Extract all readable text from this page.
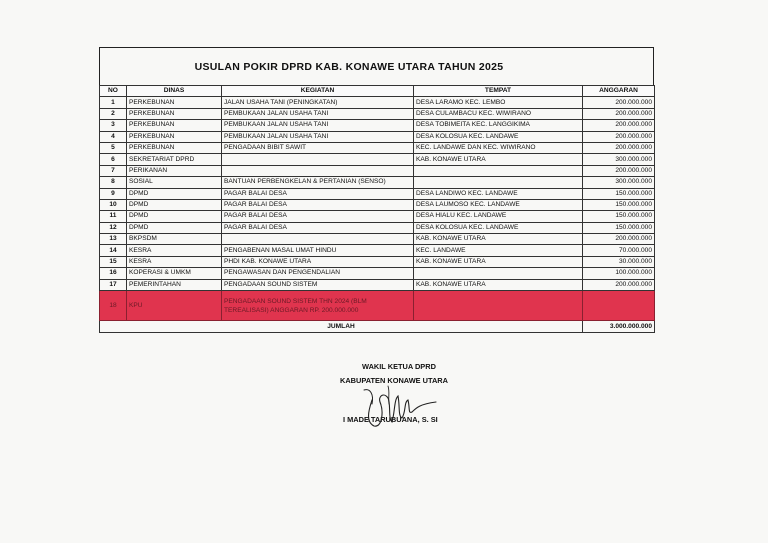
USULAN POKIR DPRD KAB. KONAWE UTARA TAHUN 2025
NO	DINAS	KEGIATAN	TEMPAT	ANGGARAN
1	PERKEBUNAN	JALAN USAHA TANI (PENINGKATAN)	DESA LARAMO KEC. LEMBO	200.000.000
2	PERKEBUNAN	PEMBUKAAN JALAN USAHA TANI	DESA CULAMBACU KEC. WIWIRANO	200.000.000
3	PERKEBUNAN	PEMBUKAAN JALAN USAHA TANI	DESA TOBIMEITA KEC. LANGGIKIMA	200.000.000
4	PERKEBUNAN	PEMBUKAAN JALAN USAHA TANI	DESA KOLOSUA KEC. LANDAWE	200.000.000
5	PERKEBUNAN	PENGADAAN BIBIT SAWIT	KEC. LANDAWE DAN KEC. WIWIRANO	200.000.000
6	SEKRETARIAT DPRD		KAB. KONAWE UTARA	300.000.000
7	PERIKANAN			200.000.000
8	SOSIAL	BANTUAN PERBENGKELAN & PERTANIAN (SENSO)		300.000.000
9	DPMD	PAGAR BALAI DESA	DESA LANDIWO KEC. LANDAWE	150.000.000
10	DPMD	PAGAR BALAI DESA	DESA LAUMOSO KEC. LANDAWE	150.000.000
11	DPMD	PAGAR BALAI DESA	DESA HIALU KEC. LANDAWE	150.000.000
12	DPMD	PAGAR BALAI DESA	DESA KOLOSUA KEC. LANDAWE	150.000.000
13	BKPSDM		KAB. KONAWE UTARA	200.000.000
14	KESRA	PENGABENAN MASAL UMAT HINDU	KEC. LANDAWE	70.000.000
15	KESRA	PHDI KAB. KONAWE UTARA	KAB. KONAWE UTARA	30.000.000
16	KOPERASI & UMKM	PENGAWASAN DAN PENGENDALIAN		100.000.000
17	PEMERINTAHAN	PENGADAAN SOUND SISTEM	KAB. KONAWE UTARA	200.000.000
18	KPU	PENGADAAN SOUND SISTEM THN 2024 (BLM TEREALISASI) ANGGARAN RP. 200.000.000		
JUMLAH				3.000.000.000
WAKIL KETUA DPRD
KABUPATEN KONAWE UTARA
I MADE TARUBUANA, S. SI
